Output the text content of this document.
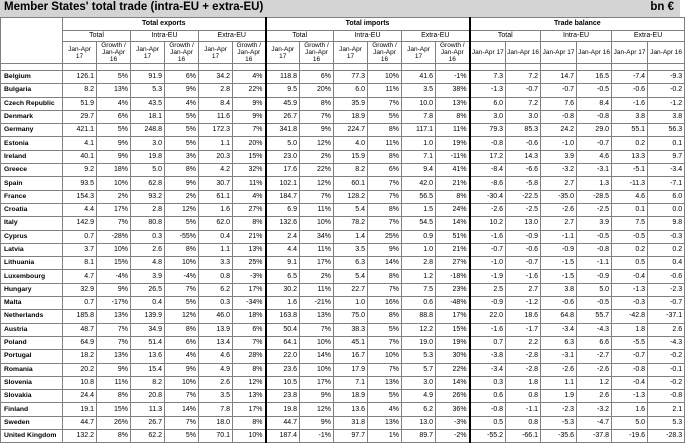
Member States' total trade (intra-EU + extra-EU)	bn €
	Total exports						Total imports						Trade balance					
	Total		Intra-EU		Extra-EU		Total		Intra-EU		Extra-EU		Total		Intra-EU		Extra-EU	
	Jan-Apr 17	Growth / Jan-Apr 16	Jan-Apr 17	Growth / Jan-Apr 16	Jan-Apr 17	Growth / Jan-Apr 16	Jan-Apr 17	Growth / Jan-Apr 16	Jan-Apr 17	Growth / Jan-Apr 16	Jan-Apr 17	Growth / Jan-Apr 16	Jan-Apr 17	Jan-Apr 16	Jan-Apr 17	Jan-Apr 16	Jan-Apr 17	Jan-Apr 16

Belgium	126.1	5%	91.9	6%	34.2	4%	118.8	6%	77.3	10%	41.6	-1%	7.3	7.2	14.7	16.5	-7.4	-9.3
Bulgaria	8.2	13%	5.3	9%	2.8	22%	9.5	20%	6.0	11%	3.5	38%	-1.3	-0.7	-0.7	-0.5	-0.6	-0.2
Czech Republic	51.9	4%	43.5	4%	8.4	9%	45.9	8%	35.9	7%	10.0	13%	6.0	7.2	7.6	8.4	-1.6	-1.2
Denmark	29.7	6%	18.1	5%	11.6	9%	26.7	7%	18.9	5%	7.8	8%	3.0	3.0	-0.8	-0.8	3.8	3.8
Germany	421.1	5%	248.8	5%	172.3	7%	341.8	9%	224.7	8%	117.1	11%	79.3	85.3	24.2	29.0	55.1	56.3
Estonia	4.1	9%	3.0	5%	1.1	20%	5.0	12%	4.0	11%	1.0	19%	-0.8	-0.6	-1.0	-0.7	0.2	0.1
Ireland	40.1	9%	19.8	3%	20.3	15%	23.0	2%	15.9	8%	7.1	-11%	17.2	14.3	3.9	4.6	13.3	9.7
Greece	9.2	18%	5.0	8%	4.2	32%	17.6	22%	8.2	6%	9.4	41%	-8.4	-6.6	-3.2	-3.1	-5.1	-3.4
Spain	93.5	10%	62.8	9%	30.7	11%	102.1	12%	60.1	7%	42.0	21%	-8.6	-5.8	2.7	1.3	-11.3	-7.1
France	154.3	2%	93.2	2%	61.1	4%	184.7	7%	128.2	7%	56.5	8%	-30.4	-22.5	-35.0	-28.5	4.6	6.0
Croatia	4.4	17%	2.8	12%	1.6	27%	6.9	11%	5.4	8%	1.5	24%	-2.6	-2.5	-2.6	-2.5	0.1	0.0
Italy	142.9	7%	80.8	5%	62.0	8%	132.6	10%	78.2	7%	54.5	14%	10.2	13.0	2.7	3.9	7.5	9.8
Cyprus	0.7	-28%	0.3	-55%	0.4	21%	2.4	34%	1.4	25%	0.9	51%	-1.6	-0.9	-1.1	-0.5	-0.5	-0.3
Latvia	3.7	10%	2.6	8%	1.1	13%	4.4	11%	3.5	9%	1.0	21%	-0.7	-0.6	-0.9	-0.8	0.2	0.2
Lithuania	8.1	15%	4.8	10%	3.3	25%	9.1	17%	6.3	14%	2.8	27%	-1.0	-0.7	-1.5	-1.1	0.5	0.4
Luxembourg	4.7	-4%	3.9	-4%	0.8	-3%	6.5	2%	5.4	8%	1.2	-18%	-1.9	-1.6	-1.5	-0.9	-0.4	-0.6
Hungary	32.9	9%	26.5	7%	6.2	17%	30.2	11%	22.7	7%	7.5	23%	2.5	2.7	3.8	5.0	-1.3	-2.3
Malta	0.7	-17%	0.4	5%	0.3	-34%	1.6	-21%	1.0	16%	0.6	-48%	-0.9	-1.2	-0.6	-0.5	-0.3	-0.7
Netherlands	185.8	13%	139.9	12%	46.0	18%	163.8	13%	75.0	8%	88.8	17%	22.0	18.6	64.8	55.7	-42.8	-37.1
Austria	48.7	7%	34.9	8%	13.9	6%	50.4	7%	38.3	5%	12.2	15%	-1.6	-1.7	-3.4	-4.3	1.8	2.6
Poland	64.9	7%	51.4	6%	13.4	7%	64.1	10%	45.1	7%	19.0	19%	0.7	2.2	6.3	6.6	-5.5	-4.3
Portugal	18.2	13%	13.6	4%	4.6	28%	22.0	14%	16.7	10%	5.3	30%	-3.8	-2.8	-3.1	-2.7	-0.7	-0.2
Romania	20.2	9%	15.4	9%	4.9	8%	23.6	10%	17.9	7%	5.7	22%	-3.4	-2.8	-2.6	-2.6	-0.8	-0.1
Slovenia	10.8	11%	8.2	10%	2.6	12%	10.5	17%	7.1	13%	3.0	14%	0.3	1.8	1.1	1.2	-0.4	-0.2
Slovakia	24.4	8%	20.8	7%	3.5	13%	23.8	9%	18.9	5%	4.9	26%	0.6	0.8	1.9	2.6	-1.3	-0.8
Finland	19.1	15%	11.3	14%	7.8	17%	19.8	12%	13.6	4%	6.2	36%	-0.8	-1.1	-2.3	-3.2	1.6	2.1
Sweden	44.7	26%	26.7	7%	18.0	8%	44.7	9%	31.8	13%	13.0	-3%	0.5	0.8	-5.3	-4.7	5.0	5.3
United Kingdom	132.2	8%	62.2	5%	70.1	10%	187.4	-1%	97.7	1%	89.7	-2%	-55.2	-66.1	-35.6	-37.8	-19.6	-28.3
